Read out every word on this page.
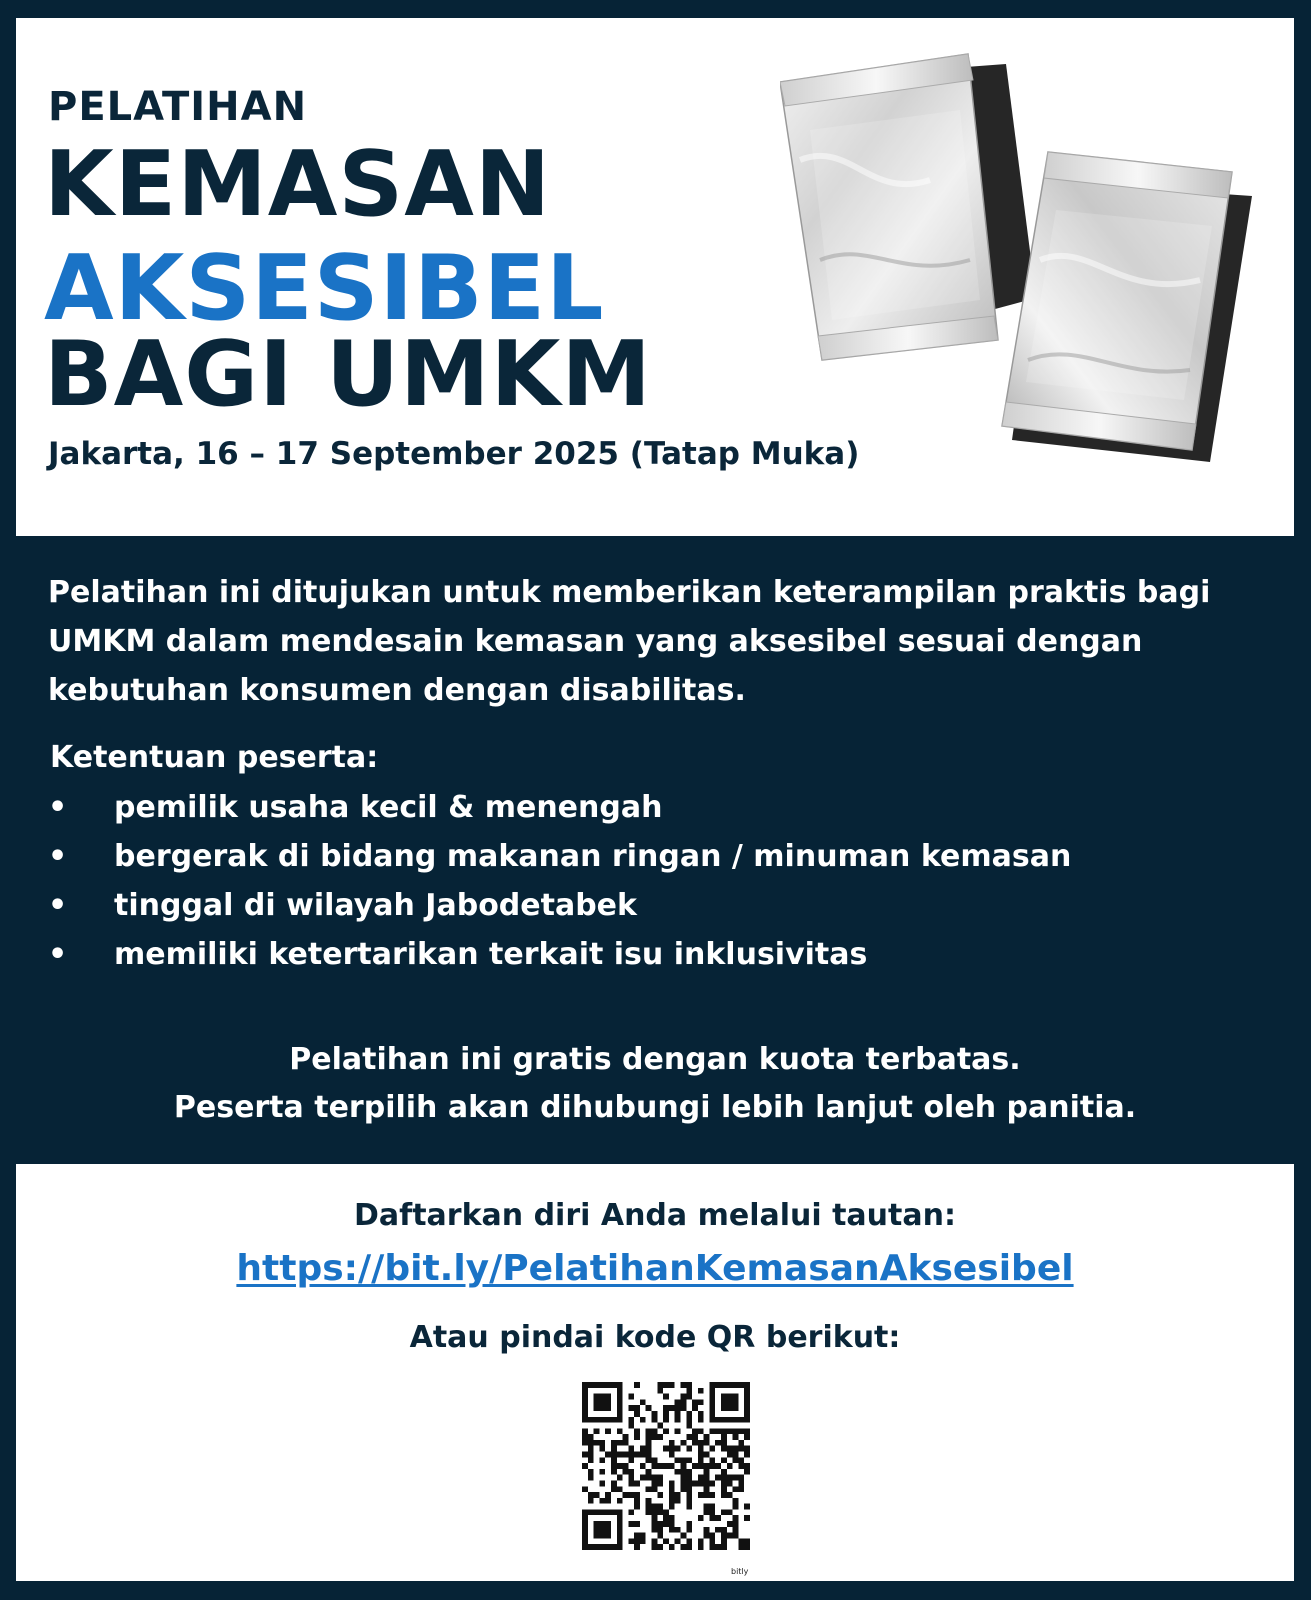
PELATIHAN
KEMASAN
AKSESIBEL
BAGI UMKM
Jakarta, 16 – 17 September 2025 (Tatap Muka)
Pelatihan ini ditujukan untuk memberikan keterampilan praktis bagi UMKM dalam mendesain kemasan yang aksesibel sesuai dengan kebutuhan konsumen dengan disabilitas.
Ketentuan peserta:
• pemilik usaha kecil & menengah
• bergerak di bidang makanan ringan / minuman kemasan
• tinggal di wilayah Jabodetabek
• memiliki ketertarikan terkait isu inklusivitas
Pelatihan ini gratis dengan kuota terbatas.
Peserta terpilih akan dihubungi lebih lanjut oleh panitia.
Daftarkan diri Anda melalui tautan:
https://bit.ly/PelatihanKemasanAksesibel
Atau pindai kode QR berikut:
bitly
